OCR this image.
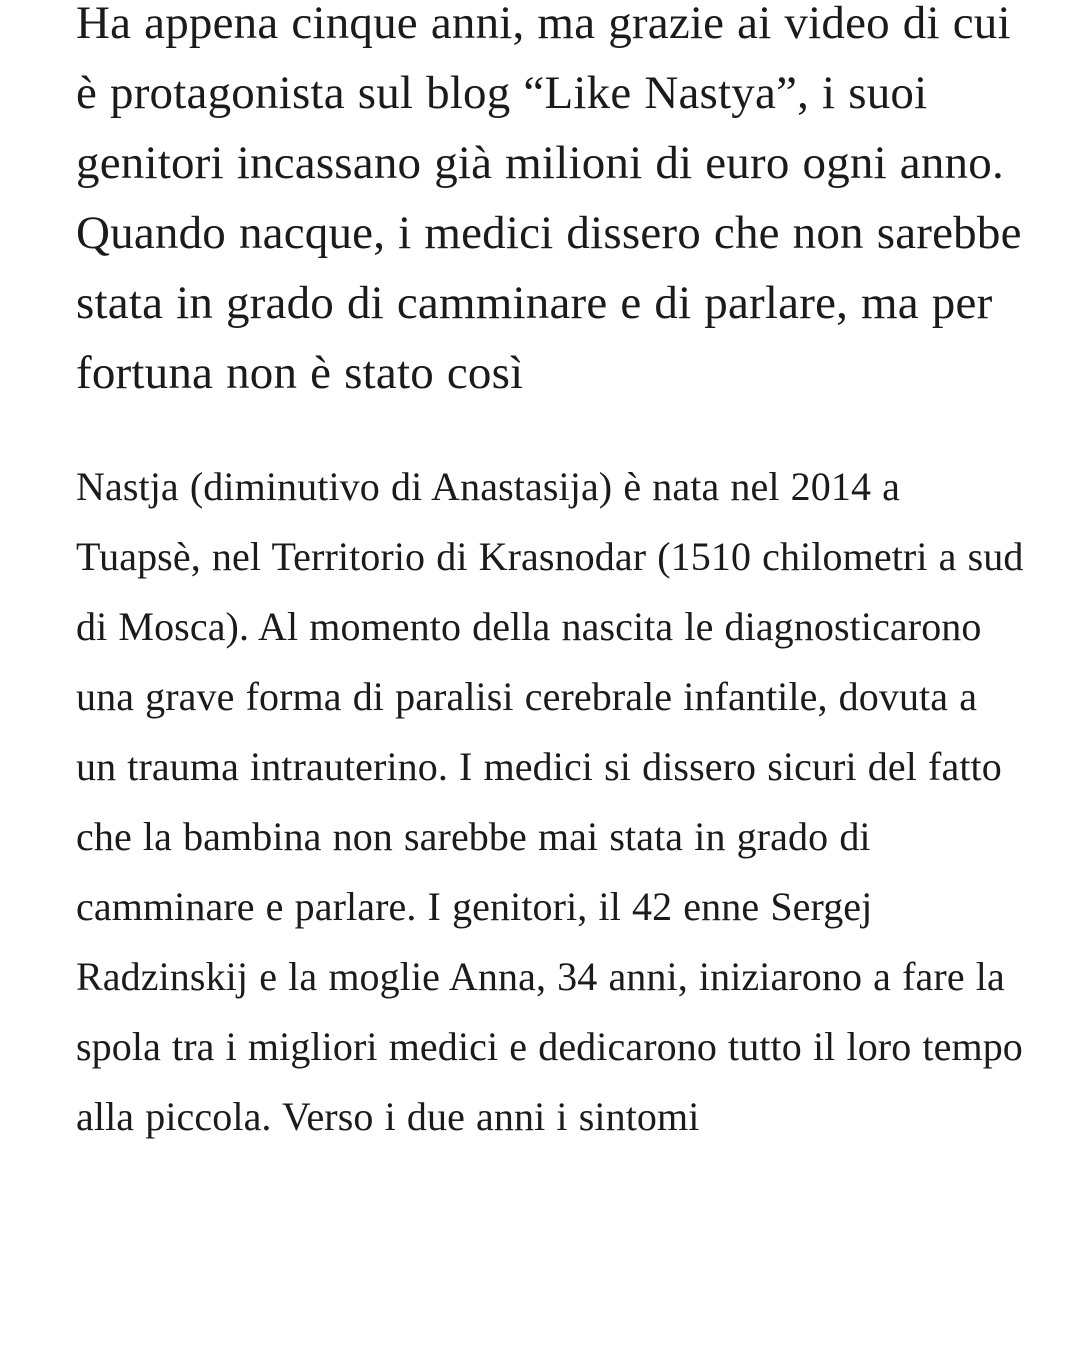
Ha appena cinque anni, ma grazie ai video di cui è protagonista sul blog “Like Nastya”, i suoi genitori incassano già milioni di euro ogni anno. Quando nacque, i medici dissero che non sarebbe stata in grado di camminare e di parlare, ma per fortuna non è stato così

Nastja (diminutivo di Anastasija) è nata nel 2014 a Tuapsè, nel Territorio di Krasnodar (1510 chilometri a sud di Mosca). Al momento della nascita le diagnosticarono una grave forma di paralisi cerebrale infantile, dovuta a un trauma intrauterino. I medici si dissero sicuri del fatto che la bambina non sarebbe mai stata in grado di camminare e parlare. I genitori, il 42 enne Sergej Radzinskij e la moglie Anna, 34 anni, iniziarono a fare la spola tra i migliori medici e dedicarono tutto il loro tempo alla piccola. Verso i due anni i sintomi
